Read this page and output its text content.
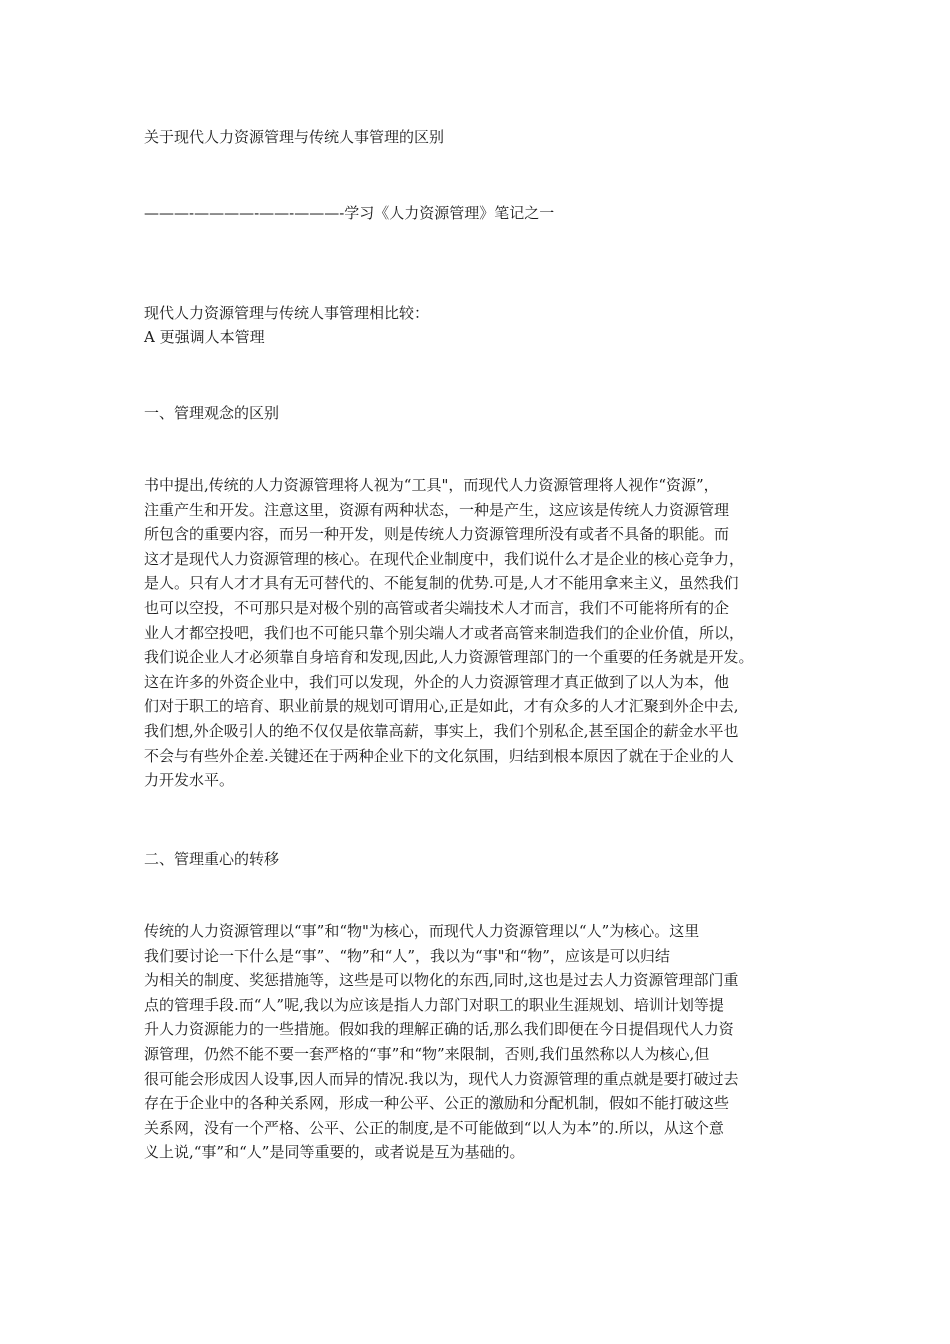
关于现代人力资源管理与传统人事管理的区别
———-————-——-———-学习《人力资源管理》笔记之一
现代人力资源管理与传统人事管理相比较：
A 更强调人本管理
一、管理观念的区别
书中提出,传统的人力资源管理将人视为“工具"，而现代人力资源管理将人视作“资源”，
注重产生和开发。注意这里，资源有两种状态，一种是产生，这应该是传统人力资源管理
所包含的重要内容，而另一种开发，则是传统人力资源管理所没有或者不具备的职能。而
这才是现代人力资源管理的核心。在现代企业制度中，我们说什么才是企业的核心竞争力，
是人。只有人才才具有无可替代的、不能复制的优势.可是,人才不能用拿来主义，虽然我们
也可以空投，不可那只是对极个别的高管或者尖端技术人才而言，我们不可能将所有的企
业人才都空投吧，我们也不可能只靠个别尖端人才或者高管来制造我们的企业价值，所以，
我们说企业人才必须靠自身培育和发现,因此,人力资源管理部门的一个重要的任务就是开发。
这在许多的外资企业中，我们可以发现，外企的人力资源管理才真正做到了以人为本，他
们对于职工的培育、职业前景的规划可谓用心,正是如此，才有众多的人才汇聚到外企中去,
我们想,外企吸引人的绝不仅仅是依靠高薪，事实上，我们个别私企,甚至国企的薪金水平也
不会与有些外企差.关键还在于两种企业下的文化氛围，归结到根本原因了就在于企业的人
力开发水平。
二、管理重心的转移
传统的人力资源管理以“事”和“物"为核心，而现代人力资源管理以“人”为核心。这里
我们要讨论一下什么是“事”、“物”和“人”，我以为“事"和“物”，应该是可以归结
为相关的制度、奖惩措施等，这些是可以物化的东西,同时,这也是过去人力资源管理部门重
点的管理手段.而“人”呢,我以为应该是指人力部门对职工的职业生涯规划、培训计划等提
升人力资源能力的一些措施。假如我的理解正确的话,那么我们即便在今日提倡现代人力资
源管理，仍然不能不要一套严格的“事”和“物”来限制，否则,我们虽然称以人为核心,但
很可能会形成因人设事,因人而异的情况.我以为，现代人力资源管理的重点就是要打破过去
存在于企业中的各种关系网，形成一种公平、公正的激励和分配机制，假如不能打破这些
关系网，没有一个严格、公平、公正的制度,是不可能做到“以人为本”的.所以，从这个意
义上说,“事”和“人”是同等重要的，或者说是互为基础的。
